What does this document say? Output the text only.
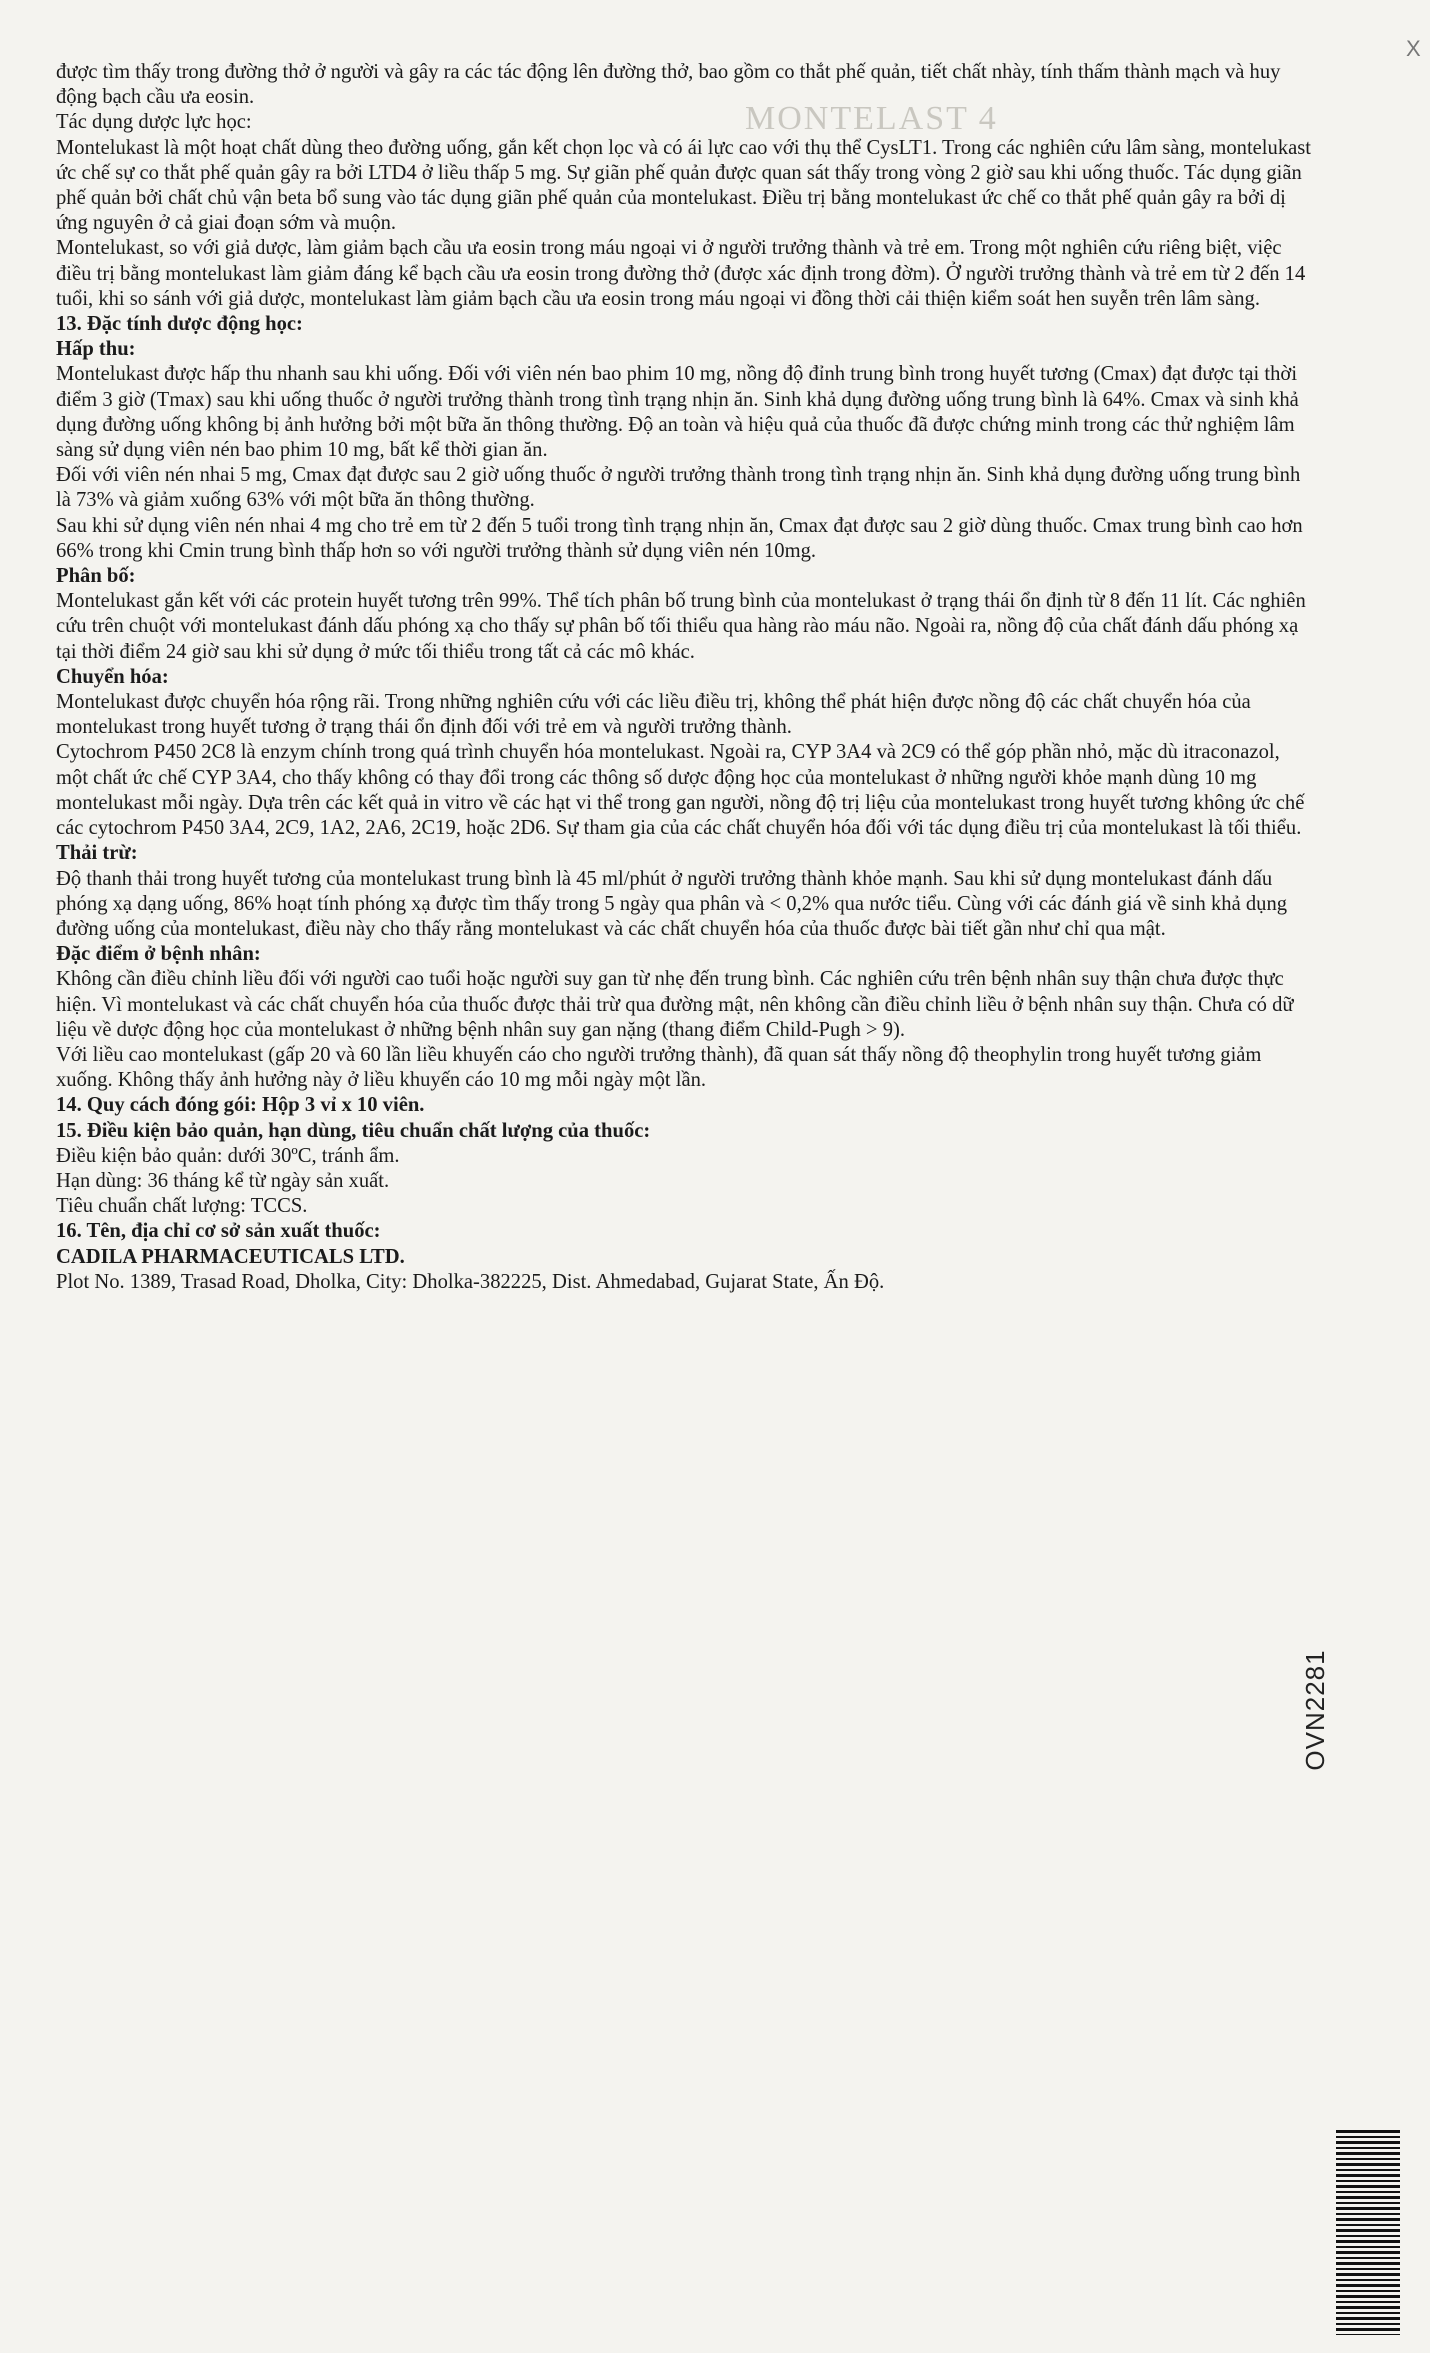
X
MONTELAST 4

được tìm thấy trong đường thở ở người và gây ra các tác động lên đường thở, bao gồm co thắt phế quản, tiết chất nhày, tính thấm thành mạch và huy động bạch cầu ưa eosin.

Tác dụng dược lực học:

Montelukast là một hoạt chất dùng theo đường uống, gắn kết chọn lọc và có ái lực cao với thụ thể CysLT1. Trong các nghiên cứu lâm sàng, montelukast ức chế sự co thắt phế quản gây ra bởi LTD4 ở liều thấp 5 mg. Sự giãn phế quản được quan sát thấy trong vòng 2 giờ sau khi uống thuốc. Tác dụng giãn phế quản bởi chất chủ vận beta bổ sung vào tác dụng giãn phế quản của montelukast. Điều trị bằng montelukast ức chế co thắt phế quản gây ra bởi dị ứng nguyên ở cả giai đoạn sớm và muộn.

Montelukast, so với giả dược, làm giảm bạch cầu ưa eosin trong máu ngoại vi ở người trưởng thành và trẻ em. Trong một nghiên cứu riêng biệt, việc điều trị bằng montelukast làm giảm đáng kể bạch cầu ưa eosin trong đường thở (được xác định trong đờm). Ở người trưởng thành và trẻ em từ 2 đến 14 tuổi, khi so sánh với giả dược, montelukast làm giảm bạch cầu ưa eosin trong máu ngoại vi đồng thời cải thiện kiểm soát hen suyễn trên lâm sàng.

13. Đặc tính dược động học:

Hấp thu:

Montelukast được hấp thu nhanh sau khi uống. Đối với viên nén bao phim 10 mg, nồng độ đỉnh trung bình trong huyết tương (Cmax) đạt được tại thời điểm 3 giờ (Tmax) sau khi uống thuốc ở người trưởng thành trong tình trạng nhịn ăn. Sinh khả dụng đường uống trung bình là 64%. Cmax và sinh khả dụng đường uống không bị ảnh hưởng bởi một bữa ăn thông thường. Độ an toàn và hiệu quả của thuốc đã được chứng minh trong các thử nghiệm lâm sàng sử dụng viên nén bao phim 10 mg, bất kể thời gian ăn.

Đối với viên nén nhai 5 mg, Cmax đạt được sau 2 giờ uống thuốc ở người trưởng thành trong tình trạng nhịn ăn. Sinh khả dụng đường uống trung bình là 73% và giảm xuống 63% với một bữa ăn thông thường.

Sau khi sử dụng viên nén nhai 4 mg cho trẻ em từ 2 đến 5 tuổi trong tình trạng nhịn ăn, Cmax đạt được sau 2 giờ dùng thuốc. Cmax trung bình cao hơn 66% trong khi Cmin trung bình thấp hơn so với người trưởng thành sử dụng viên nén 10mg.

Phân bố:

Montelukast gắn kết với các protein huyết tương trên 99%. Thể tích phân bố trung bình của montelukast ở trạng thái ổn định từ 8 đến 11 lít. Các nghiên cứu trên chuột với montelukast đánh dấu phóng xạ cho thấy sự phân bố tối thiểu qua hàng rào máu não. Ngoài ra, nồng độ của chất đánh dấu phóng xạ tại thời điểm 24 giờ sau khi sử dụng ở mức tối thiểu trong tất cả các mô khác.

Chuyển hóa:

Montelukast được chuyển hóa rộng rãi. Trong những nghiên cứu với các liều điều trị, không thể phát hiện được nồng độ các chất chuyển hóa của montelukast trong huyết tương ở trạng thái ổn định đối với trẻ em và người trưởng thành.

Cytochrom P450 2C8 là enzym chính trong quá trình chuyển hóa montelukast. Ngoài ra, CYP 3A4 và 2C9 có thể góp phần nhỏ, mặc dù itraconazol, một chất ức chế CYP 3A4, cho thấy không có thay đổi trong các thông số dược động học của montelukast ở những người khỏe mạnh dùng 10 mg montelukast mỗi ngày. Dựa trên các kết quả in vitro về các hạt vi thể trong gan người, nồng độ trị liệu của montelukast trong huyết tương không ức chế các cytochrom P450 3A4, 2C9, 1A2, 2A6, 2C19, hoặc 2D6. Sự tham gia của các chất chuyển hóa đối với tác dụng điều trị của montelukast là tối thiểu.

Thải trừ:

Độ thanh thải trong huyết tương của montelukast trung bình là 45 ml/phút ở người trưởng thành khỏe mạnh. Sau khi sử dụng montelukast đánh dấu phóng xạ dạng uống, 86% hoạt tính phóng xạ được tìm thấy trong 5 ngày qua phân và < 0,2% qua nước tiểu. Cùng với các đánh giá về sinh khả dụng đường uống của montelukast, điều này cho thấy rằng montelukast và các chất chuyển hóa của thuốc được bài tiết gần như chỉ qua mật.

Đặc điểm ở bệnh nhân:

Không cần điều chỉnh liều đối với người cao tuổi hoặc người suy gan từ nhẹ đến trung bình. Các nghiên cứu trên bệnh nhân suy thận chưa được thực hiện. Vì montelukast và các chất chuyển hóa của thuốc được thải trừ qua đường mật, nên không cần điều chỉnh liều ở bệnh nhân suy thận. Chưa có dữ liệu về dược động học của montelukast ở những bệnh nhân suy gan nặng (thang điểm Child-Pugh > 9).

Với liều cao montelukast (gấp 20 và 60 lần liều khuyến cáo cho người trưởng thành), đã quan sát thấy nồng độ theophylin trong huyết tương giảm xuống. Không thấy ảnh hưởng này ở liều khuyến cáo 10 mg mỗi ngày một lần.

14. Quy cách đóng gói: Hộp 3 vỉ x 10 viên.

15. Điều kiện bảo quản, hạn dùng, tiêu chuẩn chất lượng của thuốc:

Điều kiện bảo quản: dưới 30ºC, tránh ẩm.

Hạn dùng: 36 tháng kể từ ngày sản xuất.

Tiêu chuẩn chất lượng: TCCS.

16. Tên, địa chỉ cơ sở sản xuất thuốc:

CADILA PHARMACEUTICALS LTD.

Plot No. 1389, Trasad Road, Dholka, City: Dholka-382225, Dist. Ahmedabad, Gujarat State, Ấn Độ.

OVN2281
